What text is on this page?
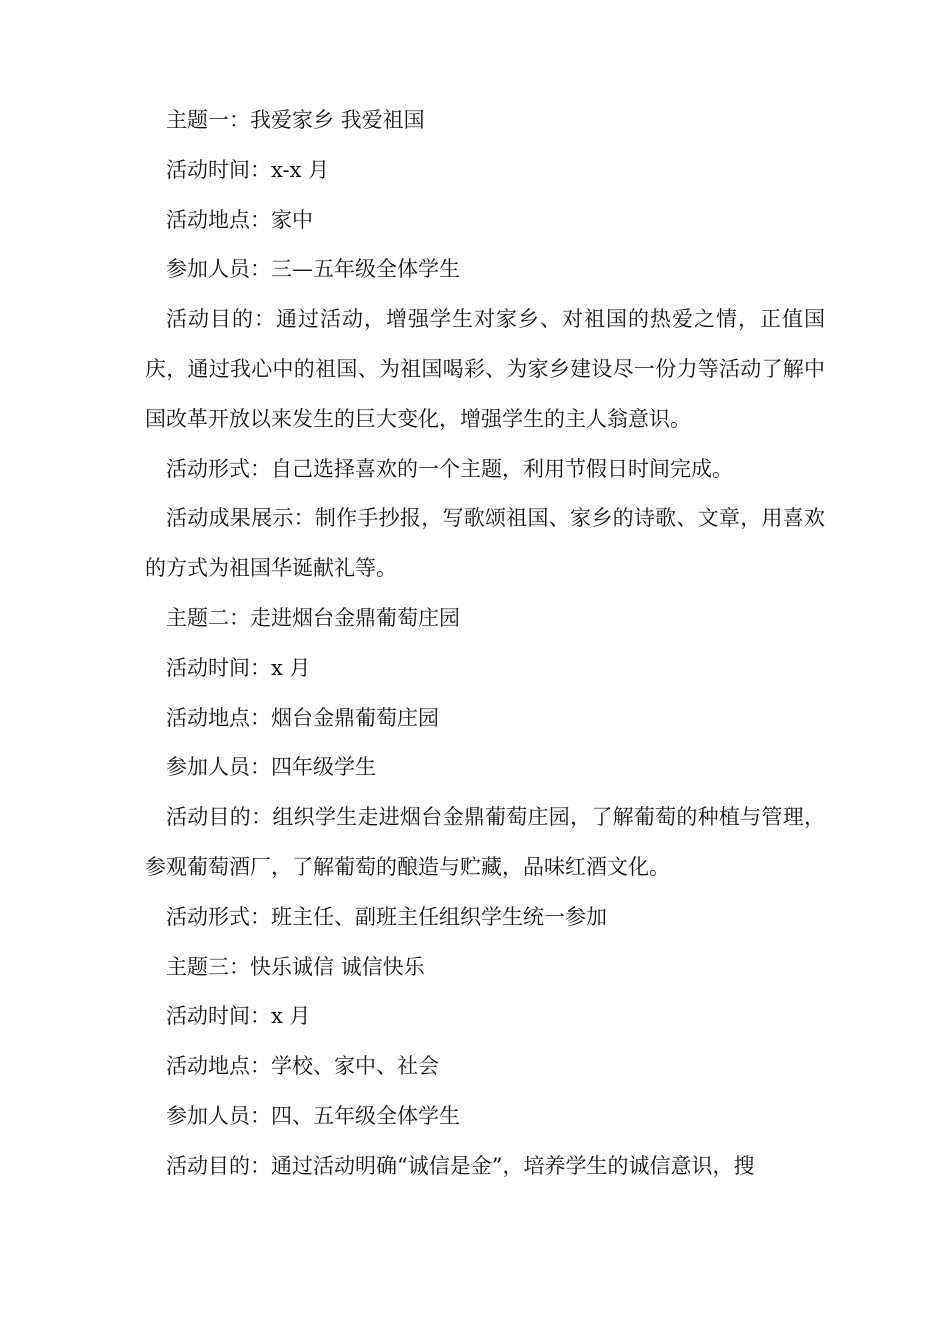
主题一：我爱家乡 我爱祖国

活动时间：x-x 月

活动地点：家中

参加人员：三—五年级全体学生

活动目的：通过活动，增强学生对家乡、对祖国的热爱之情，正值国庆，通过我心中的祖国、为祖国喝彩、为家乡建设尽一份力等活动了解中国改革开放以来发生的巨大变化，增强学生的主人翁意识。

活动形式：自己选择喜欢的一个主题，利用节假日时间完成。

活动成果展示：制作手抄报，写歌颂祖国、家乡的诗歌、文章，用喜欢的方式为祖国华诞献礼等。

主题二：走进烟台金鼎葡萄庄园

活动时间：x 月

活动地点：烟台金鼎葡萄庄园

参加人员：四年级学生

活动目的：组织学生走进烟台金鼎葡萄庄园，了解葡萄的种植与管理，参观葡萄酒厂，了解葡萄的酿造与贮藏，品味红酒文化。

活动形式：班主任、副班主任组织学生统一参加

主题三：快乐诚信 诚信快乐

活动时间：x 月

活动地点：学校、家中、社会

参加人员：四、五年级全体学生

活动目的：通过活动明确“诚信是金”，培养学生的诚信意识，搜
